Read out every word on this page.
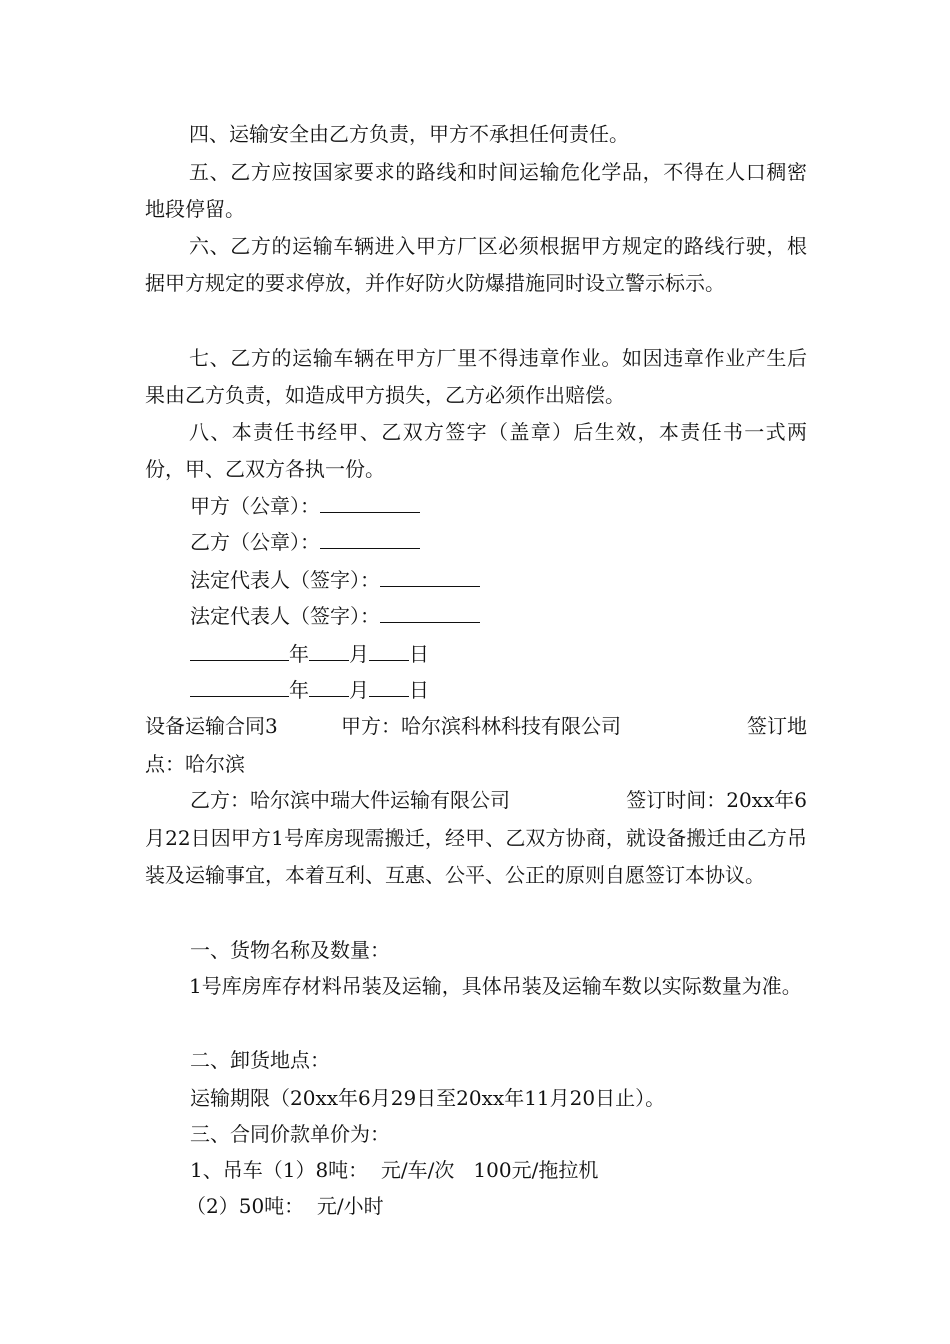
四、运输安全由乙方负责，甲方不承担任何责任。

五、乙方应按国家要求的路线和时间运输危化学品，不得在人口稠密地段停留。

六、乙方的运输车辆进入甲方厂区必须根据甲方规定的路线行驶，根据甲方规定的要求停放，并作好防火防爆措施同时设立警示标示。

七、乙方的运输车辆在甲方厂里不得违章作业。如因违章作业产生后果由乙方负责，如造成甲方损失，乙方必须作出赔偿。

八、本责任书经甲、乙双方签字（盖章）后生效，本责任书一式两份，甲、乙双方各执一份。

甲方（公章）：

乙方（公章）：

法定代表人（签字）：

法定代表人（签字）：

年 月 日

年 月 日

设备运输合同3	甲方：哈尔滨科林科技有限公司	签订地

点：哈尔滨

乙方：哈尔滨中瑞大件运输有限公司	签订时间：20xx年6

月22日因甲方1号库房现需搬迁，经甲、乙双方协商，就设备搬迁由乙方吊装及运输事宜，本着互利、互惠、公平、公正的原则自愿签订本协议。

一、货物名称及数量：

1号库房库存材料吊装及运输，具体吊装及运输车数以实际数量为准。

二、卸货地点：

运输期限（20xx年6月29日至20xx年11月20日止）。

三、合同价款单价为：

1、吊车（1）8吨：  元/车/次   100元/拖拉机

（2）50吨：  元/小时
